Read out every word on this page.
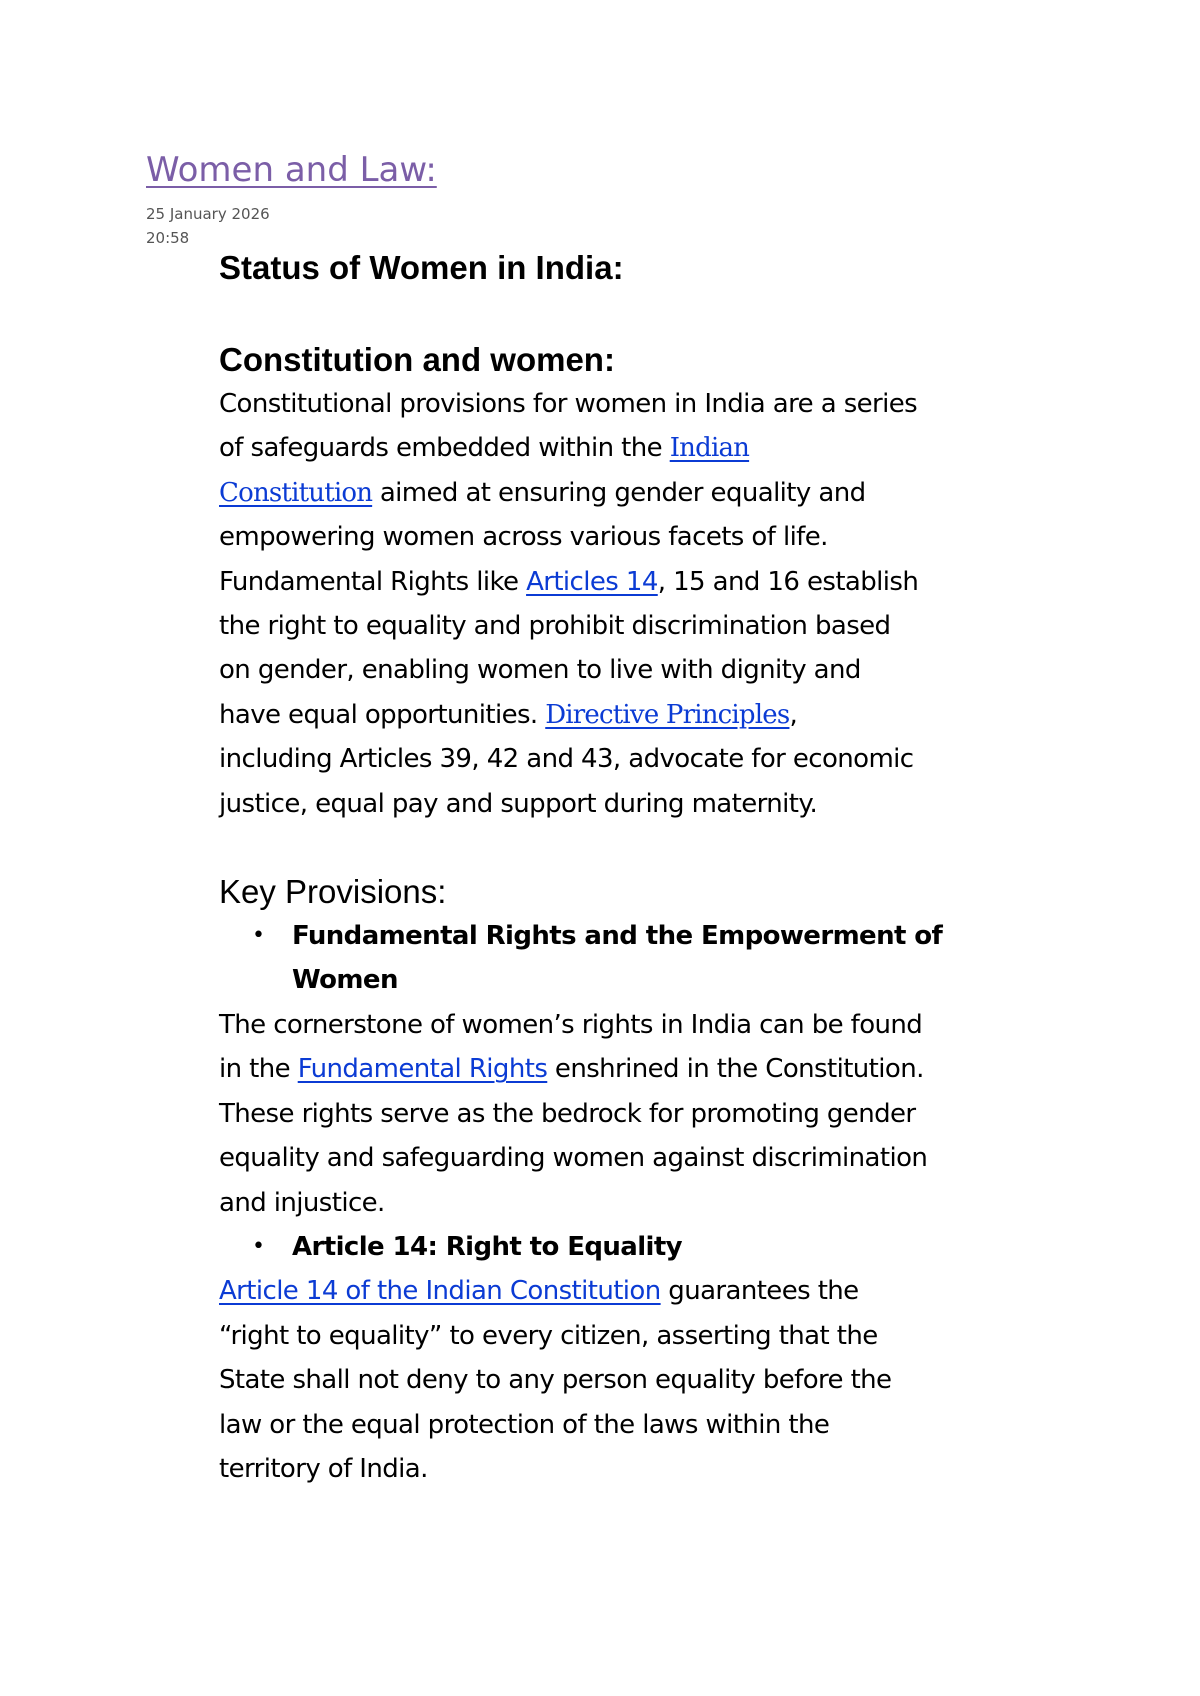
Women and Law:
25 January 2026
20:58
Status of Women in India:
Constitution and women:

Constitutional provisions for women in India are a series
of safeguards embedded within the Indian
Constitution aimed at ensuring gender equality and
empowering women across various facets of life.
Fundamental Rights like Articles 14, 15 and 16 establish
the right to equality and prohibit discrimination based
on gender, enabling women to live with dignity and
have equal opportunities. Directive Principles,
including Articles 39, 42 and 43, advocate for economic
justice, equal pay and support during maternity.

Key Provisions:
• Fundamental Rights and the Empowerment of
Women

The cornerstone of women’s rights in India can be found
in the Fundamental Rights enshrined in the Constitution.
These rights serve as the bedrock for promoting gender
equality and safeguarding women against discrimination
and injustice.

• Article 14: Right to Equality

Article 14 of the Indian Constitution guarantees the
“right to equality” to every citizen, asserting that the
State shall not deny to any person equality before the
law or the equal protection of the laws within the
territory of India.
